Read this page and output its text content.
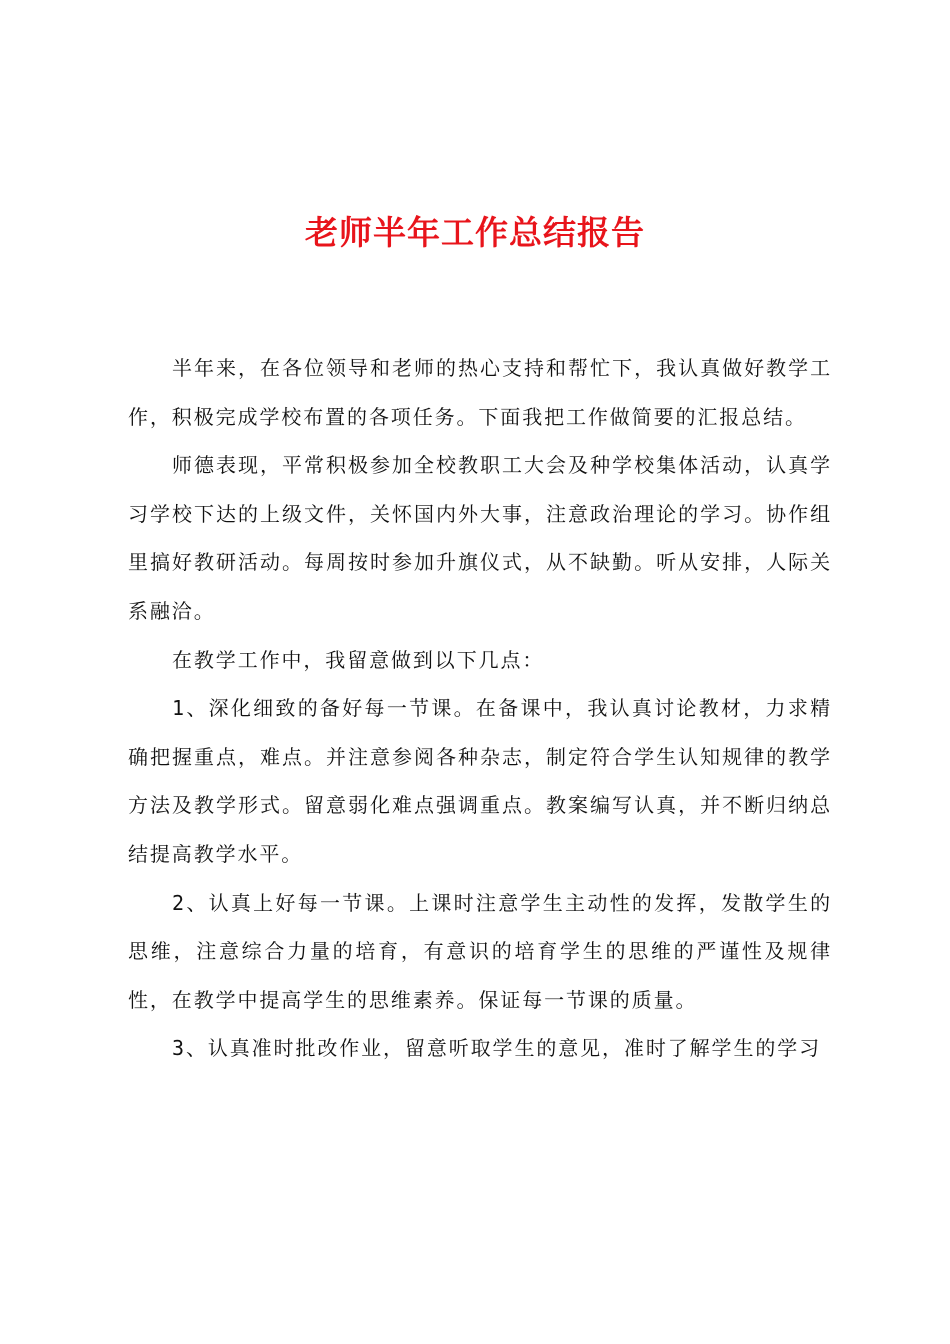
老师半年工作总结报告

半年来，在各位领导和老师的热心支持和帮忙下，我认真做好教学工作，积极完成学校布置的各项任务。下面我把工作做简要的汇报总结。

师德表现，平常积极参加全校教职工大会及种学校集体活动，认真学习学校下达的上级文件，关怀国内外大事，注意政治理论的学习。协作组里搞好教研活动。每周按时参加升旗仪式，从不缺勤。听从安排，人际关系融洽。

在教学工作中，我留意做到以下几点：

1、深化细致的备好每一节课。在备课中，我认真讨论教材，力求精确把握重点，难点。并注意参阅各种杂志，制定符合学生认知规律的教学方法及教学形式。留意弱化难点强调重点。教案编写认真，并不断归纳总结提高教学水平。

2、认真上好每一节课。上课时注意学生主动性的发挥，发散学生的思维，注意综合力量的培育，有意识的培育学生的思维的严谨性及规律性，在教学中提高学生的思维素养。保证每一节课的质量。

3、认真准时批改作业，留意听取学生的意见，准时了解学生的学习
